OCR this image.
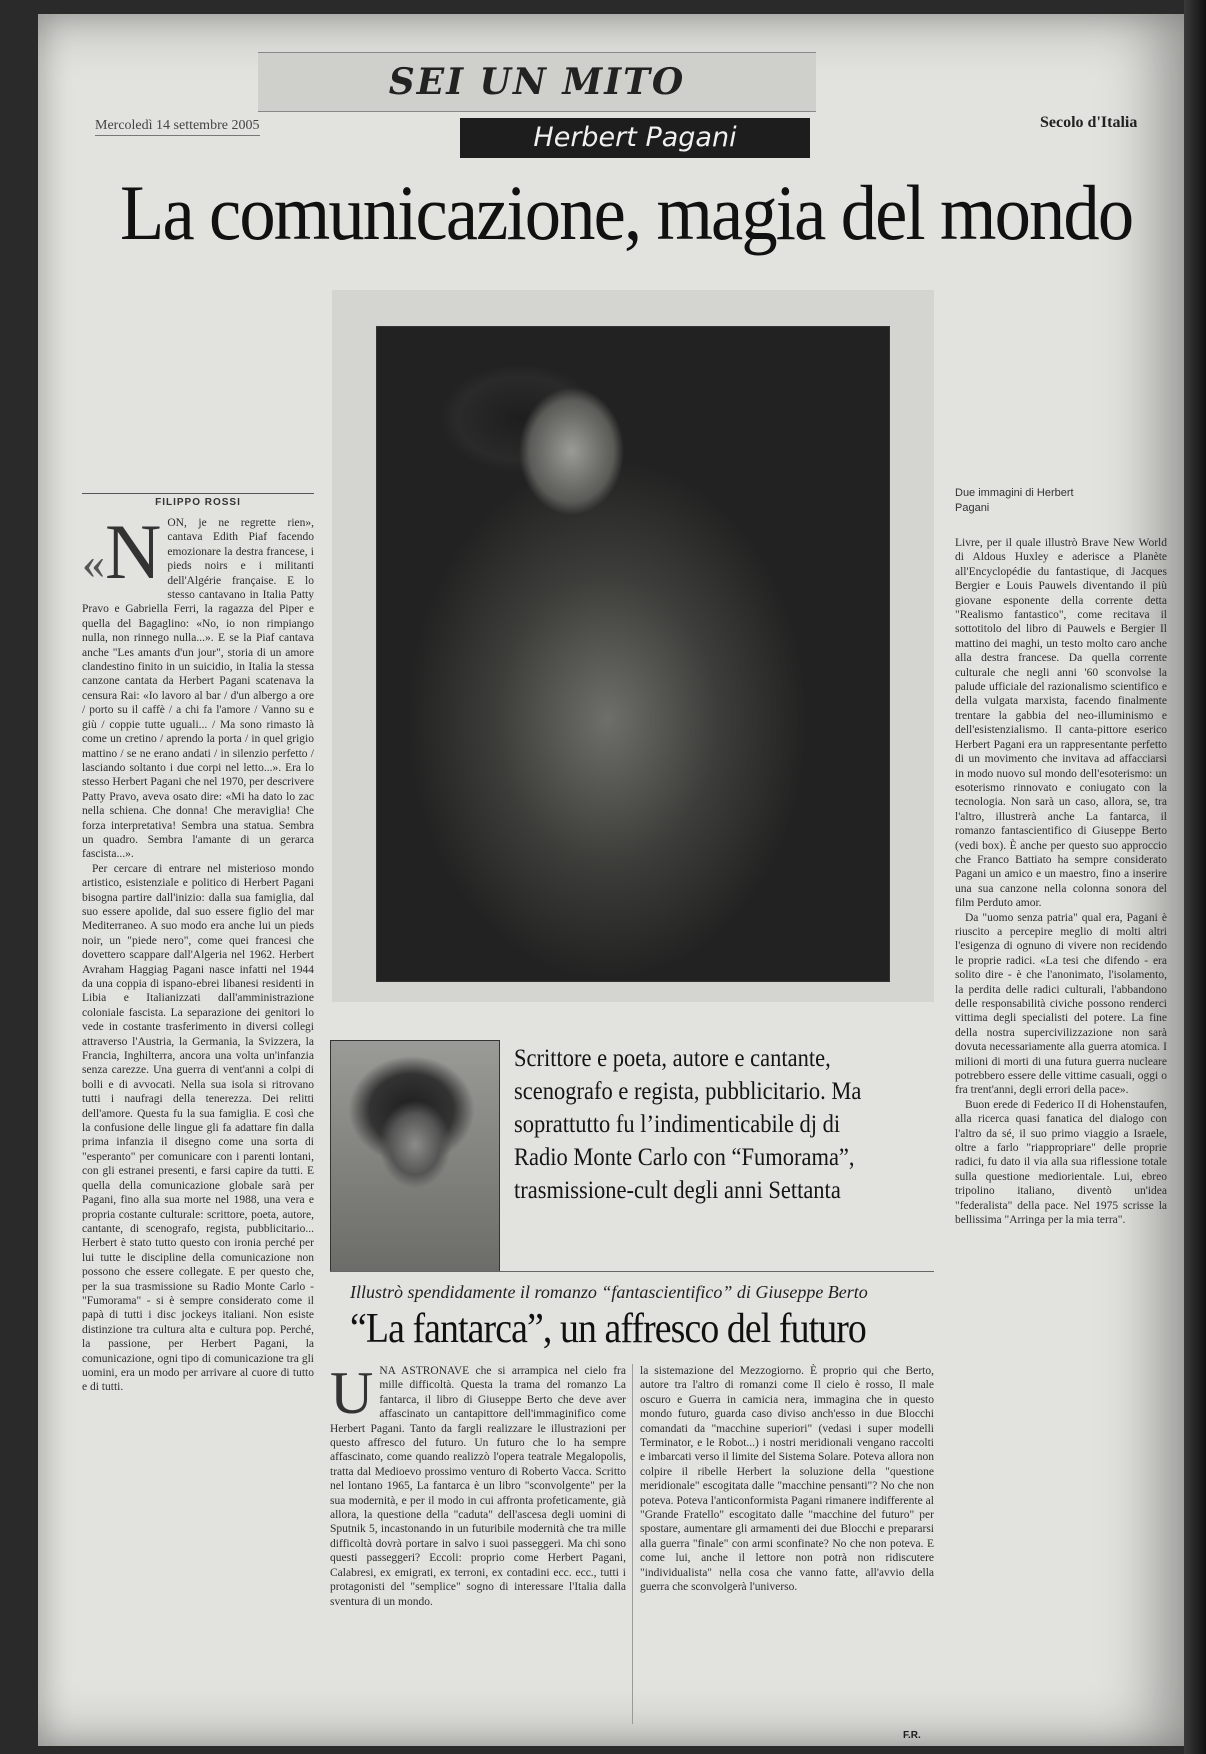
SEI UN MITO
Herbert Pagani
Mercoledì 14 settembre 2005	Secolo d'Italia
La comunicazione, magia del mondo
Due immagini di Herbert Pagani
FILIPPO ROSSI
«N ON, je ne regrette rien», cantava Edith Piaf facendo emozionare la destra francese, i pieds noirs e i militanti dell'Algérie française. E lo stesso cantavano in Italia Patty Pravo e Gabriella Ferri, la ragazza del Piper e quella del Bagaglino: «No, io non rimpiango nulla, non rinnego nulla...». E se la Piaf cantava anche "Les amants d'un jour", storia di un amore clandestino finito in un suicidio, in Italia la stessa canzone cantata da Herbert Pagani scatenava la censura Rai: «Io lavoro al bar / d'un albergo a ore / porto su il caffè / a chi fa l'amore / Vanno su e giù / coppie tutte uguali... / Ma sono rimasto là come un cretino / aprendo la porta / in quel grigio mattino / se ne erano andati / in silenzio perfetto / lasciando soltanto i due corpi nel letto...». Era lo stesso Herbert Pagani che nel 1970, per descrivere Patty Pravo, aveva osato dire: «Mi ha dato lo zac nella schiena. Che donna! Che meraviglia! Che forza interpretativa! Sembra una statua. Sembra un quadro. Sembra l'amante di un gerarca fascista...».

Per cercare di entrare nel misterioso mondo artistico, esistenziale e politico di Herbert Pagani bisogna partire dall'inizio: dalla sua famiglia, dal suo essere apolide, dal suo essere figlio del mar Mediterraneo. A suo modo era anche lui un pieds noir, un "piede nero", come quei francesi che dovettero scappare dall'Algeria nel 1962. Herbert Avraham Haggiag Pagani nasce infatti nel 1944 da una coppia di ispano-ebrei libanesi residenti in Libia e Italianizzati dall'amministrazione coloniale fascista. La separazione dei genitori lo vede in costante trasferimento in diversi collegi attraverso l'Austria, la Germania, la Svizzera, la Francia, Inghilterra, ancora una volta un'infanzia senza carezze. Una guerra di vent'anni a colpi di bolli e di avvocati. Nella sua isola si ritrovano tutti i naufragi della tenerezza. Dei relitti dell'amore. Questa fu la sua famiglia. E così che la confusione delle lingue gli fa adattare fin dalla prima infanzia il disegno come una sorta di "esperanto" per comunicare con i parenti lontani, con gli estranei presenti, e farsi capire da tutti. E quella della comunicazione globale sarà per Pagani, fino alla sua morte nel 1988, una vera e propria costante culturale: scrittore, poeta, autore, cantante, di scenografo, regista, pubblicitario... Herbert è stato tutto questo con ironia perché per lui tutte le discipline della comunicazione non possono che essere collegate. E per questo che, per la sua trasmissione su Radio Monte Carlo - "Fumorama" - si è sempre considerato come il papà di tutti i disc jockeys italiani. Non esiste distinzione tra cultura alta e cultura pop. Perché, la passione, per Herbert Pagani, la comunicazione, ogni tipo di comunicazione tra gli uomini, era un modo per arrivare al cuore di tutto e di tutti.

Scrittore e poeta, autore e cantante, scenografo e regista, pubblicitario. Ma soprattutto fu l’indimenticabile dj di Radio Monte Carlo con “Fumorama”, trasmissione-cult degli anni Settanta
Illustrò spendidamente il romanzo “fantascientifico” di Giuseppe Berto
“La fantarca”, un affresco del futuro
U NA ASTRONAVE che si arrampica nel cielo fra mille difficoltà. Questa la trama del romanzo La fantarca, il libro di Giuseppe Berto che deve aver affascinato un cantapittore dell'immaginifico come Herbert Pagani. Tanto da fargli realizzare le illustrazioni per questo affresco del futuro. Un futuro che lo ha sempre affascinato, come quando realizzò l'opera teatrale Megalopolis, tratta dal Medioevo prossimo venturo di Roberto Vacca. Scritto nel lontano 1965, La fantarca è un libro "sconvolgente" per la sua modernità, e per il modo in cui affronta profeticamente, già allora, la questione della "caduta" dell'ascesa degli uomini di Sputnik 5, incastonando in un futuribile modernità che tra mille difficoltà dovrà portare in salvo i suoi passeggeri. Ma chi sono questi passeggeri? Eccoli: proprio come Herbert Pagani, Calabresi, ex emigrati, ex terroni, ex contadini ecc. ecc., tutti i protagonisti del "semplice" sogno di interessare l'Italia dalla sventura di un mondo.
la sistemazione del Mezzogiorno. È proprio qui che Berto, autore tra l'altro di romanzi come Il cielo è rosso, Il male oscuro e Guerra in camicia nera, immagina che in questo mondo futuro, guarda caso diviso anch'esso in due Blocchi comandati da "macchine superiori" (vedasi i super modelli Terminator, e le Robot...) i nostri meridionali vengano raccolti e imbarcati verso il limite del Sistema Solare. Poteva allora non colpire il ribelle Herbert la soluzione della "questione meridionale" escogitata dalle "macchine pensanti"? No che non poteva. Poteva l'anticonformista Pagani rimanere indifferente al "Grande Fratello" escogitato dalle "macchine del futuro" per spostare, aumentare gli armamenti dei due Blocchi e prepararsi alla guerra "finale" con armi sconfinate? No che non poteva. E come lui, anche il lettore non potrà non ridiscutere "individualista" nella cosa che vanno fatte, all'avvio della guerra che sconvolgerà l'universo.
F.R.

Livre, per il quale illustrò Brave New World di Aldous Huxley e aderisce a Planète all'Encyclopédie du fantastique, di Jacques Bergier e Louis Pauwels diventando il più giovane esponente della corrente detta "Realismo fantastico", come recitava il sottotitolo del libro di Pauwels e Bergier Il mattino dei maghi, un testo molto caro anche alla destra francese. Da quella corrente culturale che negli anni '60 sconvolse la palude ufficiale del razionalismo scientifico e della vulgata marxista, facendo finalmente trentare la gabbia del neo-illuminismo e dell'esistenzialismo. Il canta-pittore eserico Herbert Pagani era un rappresentante perfetto di un movimento che invitava ad affacciarsi in modo nuovo sul mondo dell'esoterismo: un esoterismo rinnovato e coniugato con la tecnologia. Non sarà un caso, allora, se, tra l'altro, illustrerà anche La fantarca, il romanzo fantascientifico di Giuseppe Berto (vedi box). È anche per questo suo approccio che Franco Battiato ha sempre considerato Pagani un amico e un maestro, fino a inserire una sua canzone nella colonna sonora del film Perduto amor.

Da "uomo senza patria" qual era, Pagani è riuscito a percepire meglio di molti altri l'esigenza di ognuno di vivere non recidendo le proprie radici. «La tesi che difendo - era solito dire - è che l'anonimato, l'isolamento, la perdita delle radici culturali, l'abbandono delle responsabilità civiche possono renderci vittima degli specialisti del potere. La fine della nostra supercivilizzazione non sarà dovuta necessariamente alla guerra atomica. I milioni di morti di una futura guerra nucleare potrebbero essere delle vittime casuali, oggi o fra trent'anni, degli errori della pace».

Buon erede di Federico II di Hohenstaufen, alla ricerca quasi fanatica del dialogo con l'altro da sé, il suo primo viaggio a Israele, oltre a farlo "riappropriare" delle proprie radici, fu dato il via alla sua riflessione totale sulla questione mediorientale. Lui, ebreo tripolino italiano, diventò un'idea "federalista" della pace. Nel 1975 scrisse la bellissima "Arringa per la mia terra".
